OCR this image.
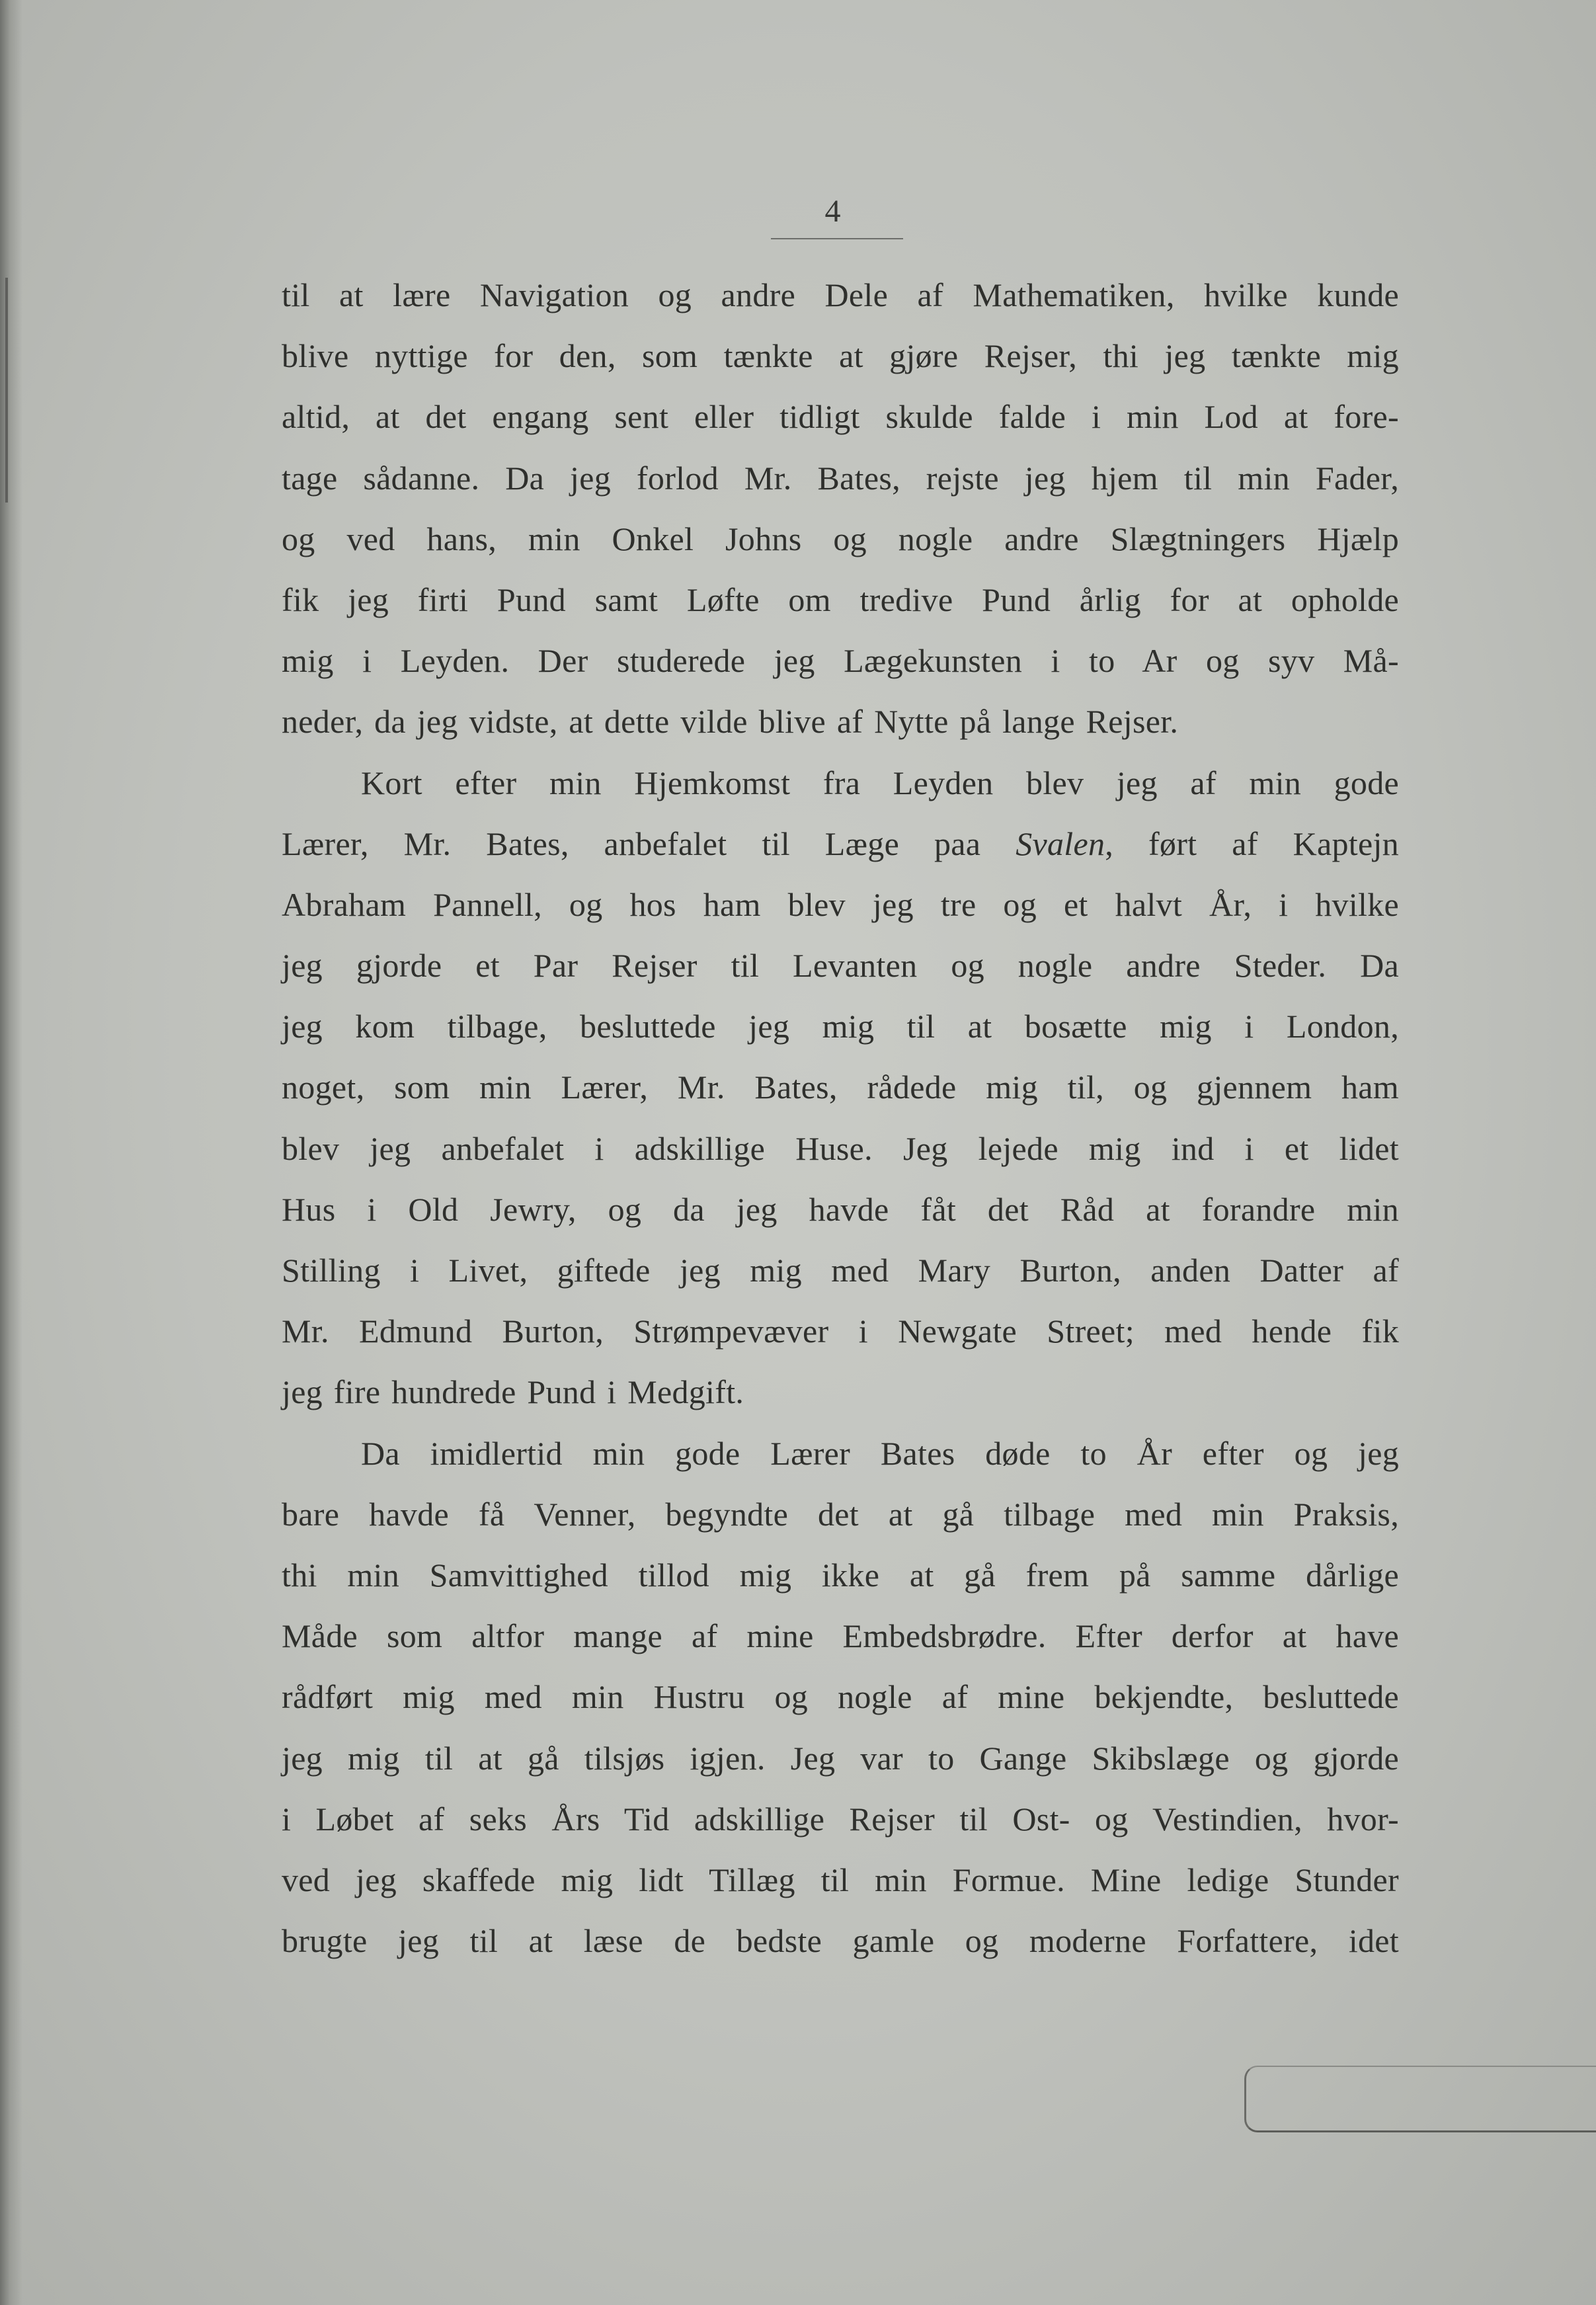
4
til at lære Navigation og andre Dele af Mathematiken, hvilke kunde
blive nyttige for den, som tænkte at gjøre Rejser, thi jeg tænkte mig
altid, at det engang sent eller tidligt skulde falde i min Lod at fore-
tage sådanne. Da jeg forlod Mr. Bates, rejste jeg hjem til min Fader,
og ved hans, min Onkel Johns og nogle andre Slægtningers Hjælp
fik jeg firti Pund samt Løfte om tredive Pund årlig for at opholde
mig i Leyden. Der studerede jeg Lægekunsten i to Ar og syv Må-
neder, da jeg vidste, at dette vilde blive af Nytte på lange Rejser.
Kort efter min Hjemkomst fra Leyden blev jeg af min gode
Lærer, Mr. Bates, anbefalet til Læge paa Svalen, ført af Kaptejn
Abraham Pannell, og hos ham blev jeg tre og et halvt År, i hvilke
jeg gjorde et Par Rejser til Levanten og nogle andre Steder. Da
jeg kom tilbage, besluttede jeg mig til at bosætte mig i London,
noget, som min Lærer, Mr. Bates, rådede mig til, og gjennem ham
blev jeg anbefalet i adskillige Huse. Jeg lejede mig ind i et lidet
Hus i Old Jewry, og da jeg havde fåt det Råd at forandre min
Stilling i Livet, giftede jeg mig med Mary Burton, anden Datter af
Mr. Edmund Burton, Strømpevæver i Newgate Street; med hende fik
jeg fire hundrede Pund i Medgift.
Da imidlertid min gode Lærer Bates døde to År efter og jeg
bare havde få Venner, begyndte det at gå tilbage med min Praksis,
thi min Samvittighed tillod mig ikke at gå frem på samme dårlige
Måde som altfor mange af mine Embedsbrødre. Efter derfor at have
rådført mig med min Hustru og nogle af mine bekjendte, besluttede
jeg mig til at gå tilsjøs igjen. Jeg var to Gange Skibslæge og gjorde
i Løbet af seks Års Tid adskillige Rejser til Ost- og Vestindien, hvor-
ved jeg skaffede mig lidt Tillæg til min Formue. Mine ledige Stunder
brugte jeg til at læse de bedste gamle og moderne Forfattere, idet
